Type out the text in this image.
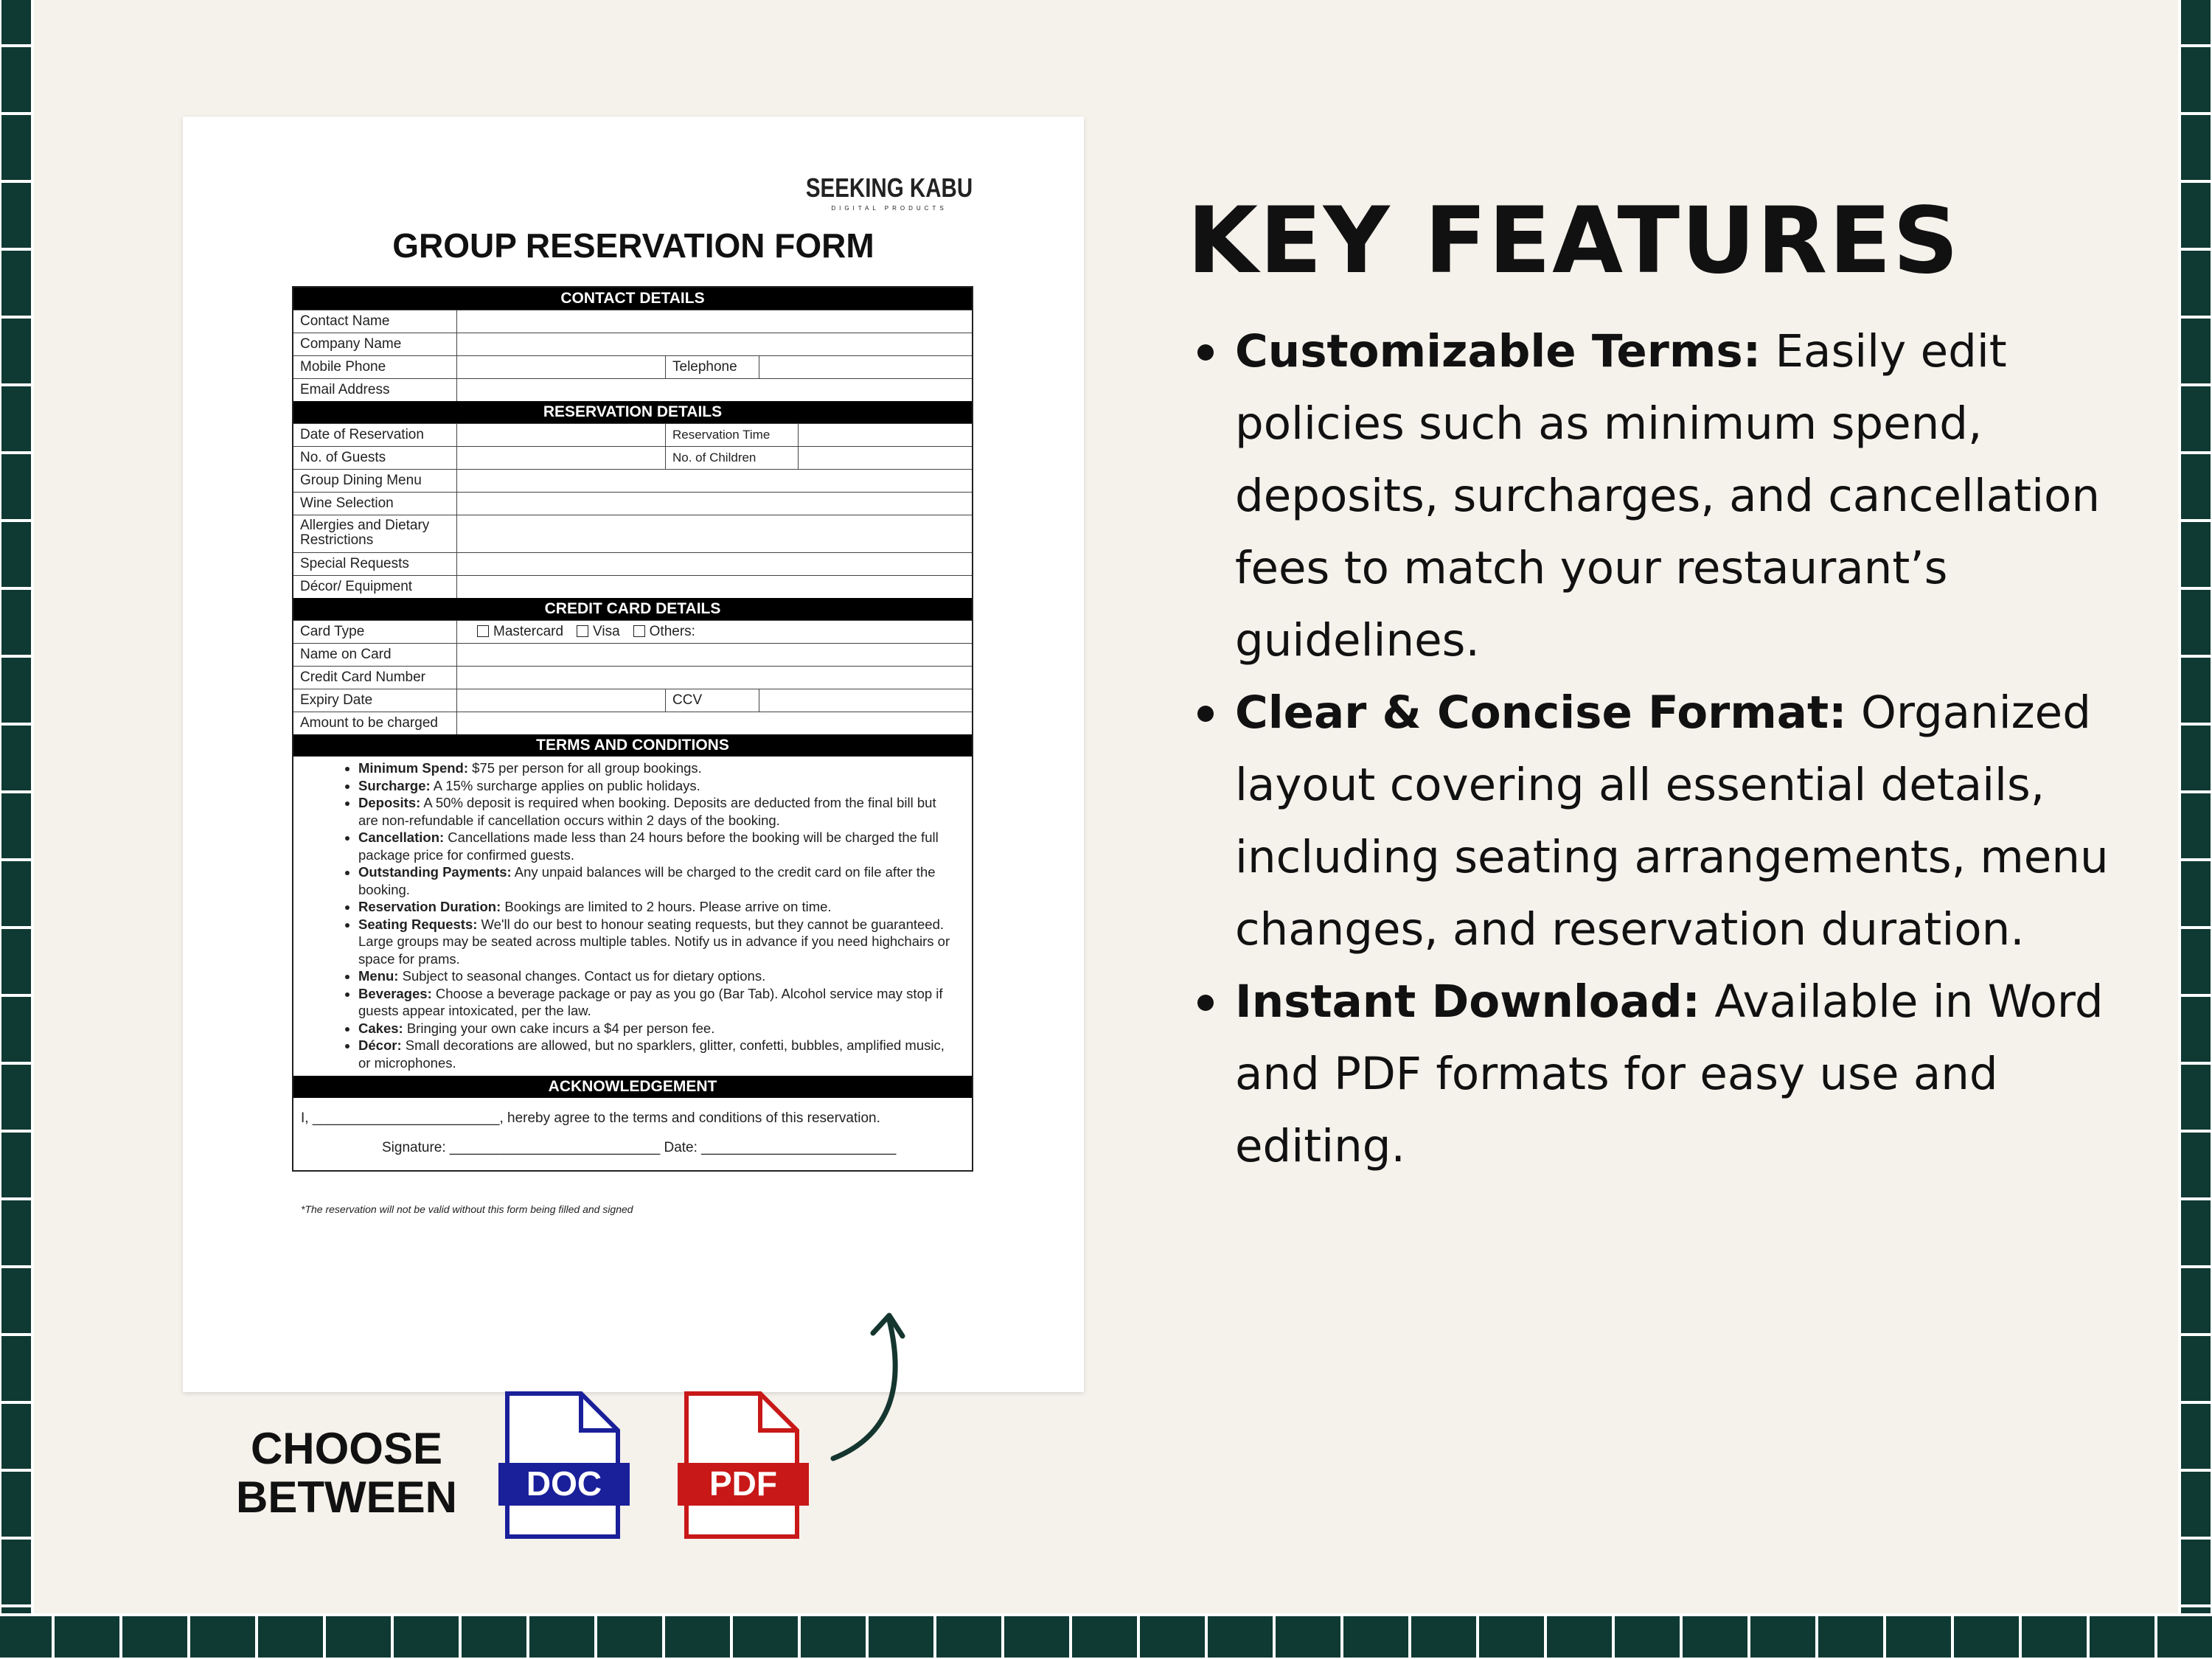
SEEKING KABU
DIGITAL PRODUCTS
GROUP RESERVATION FORM
CONTACT DETAILS
Contact Name
Company Name
Mobile Phone	Telephone
Email Address
RESERVATION DETAILS
Date of Reservation	Reservation Time
No. of Guests	No. of Children
Group Dining Menu
Wine Selection
Allergies and Dietary Restrictions
Special Requests
Décor/ Equipment
CREDIT CARD DETAILS
Card Type	Mastercard Visa Others:
Name on Card
Credit Card Number
Expiry Date	CCV
Amount to be charged
TERMS AND CONDITIONS
• Minimum Spend: $75 per person for all group bookings.
• Surcharge: A 15% surcharge applies on public holidays.
• Deposits: A 50% deposit is required when booking. Deposits are deducted from the final bill but are non-refundable if cancellation occurs within 2 days of the booking.
• Cancellation: Cancellations made less than 24 hours before the booking will be charged the full package price for confirmed guests.
• Outstanding Payments: Any unpaid balances will be charged to the credit card on file after the booking.
• Reservation Duration: Bookings are limited to 2 hours. Please arrive on time.
• Seating Requests: We'll do our best to honour seating requests, but they cannot be guaranteed. Large groups may be seated across multiple tables. Notify us in advance if you need highchairs or space for prams.
• Menu: Subject to seasonal changes. Contact us for dietary options.
• Beverages: Choose a beverage package or pay as you go (Bar Tab). Alcohol service may stop if guests appear intoxicated, per the law.
• Cakes: Bringing your own cake incurs a $4 per person fee.
• Décor: Small decorations are allowed, but no sparklers, glitter, confetti, bubbles, amplified music, or microphones.
ACKNOWLEDGEMENT
I, ________________________, hereby agree to the terms and conditions of this reservation.
Signature: ___________________________ Date: _________________________
*The reservation will not be valid without this form being filled and signed
KEY FEATURES
Customizable Terms: Easily edit policies such as minimum spend, deposits, surcharges, and cancellation fees to match your restaurant’s guidelines.
Clear & Concise Format: Organized layout covering all essential details, including seating arrangements, menu changes, and reservation duration.
Instant Download: Available in Word and PDF formats for easy use and editing.
CHOOSE
BETWEEN	DOC	PDF
